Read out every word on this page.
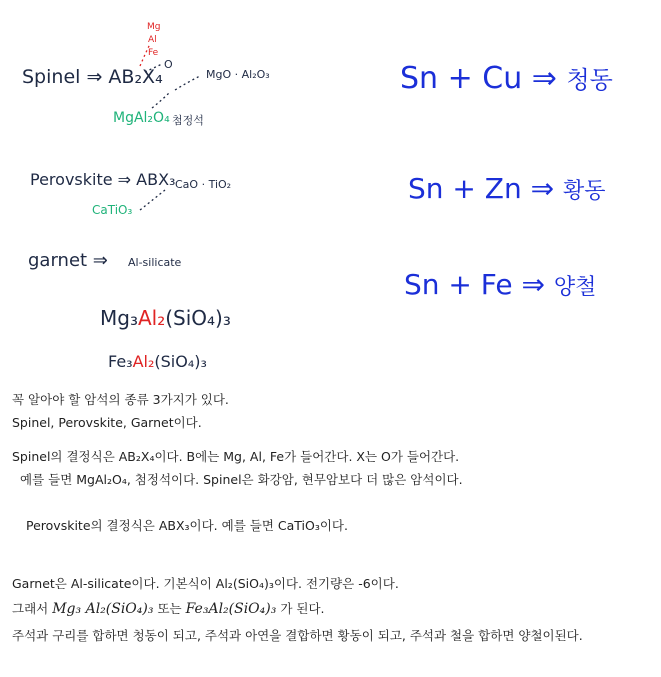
Spinel ⇒ AB₂X₄
Mg
Al
Fe
O
MgO · Al₂O₃
MgAl₂O₄ 첨정석
Perovskite ⇒ ABX₃ CaO · TiO₂
CaTiO₃
garnet ⇒ Al-silicate
Mg₃Al₂(SiO₄)₃
Fe₃Al₂(SiO₄)₃
Sn + Cu ⇒ 청동
Sn + Zn ⇒ 황동
Sn + Fe ⇒ 양철
꼭 알아야 할 암석의 종류 3가지가 있다.
Spinel, Perovskite, Garnet이다.
Spinel의 결정식은 AB₂X₄이다. B에는 Mg, Al, Fe가 들어간다. X는 O가 들어간다.
예를 들면 MgAl₂O₄, 첨정석이다. Spinel은 화강암, 현무암보다 더 많은 암석이다.
Perovskite의 결정식은 ABX₃이다. 예를 들면 CaTiO₃이다.
Garnet은 Al-silicate이다. 기본식이 Al₂(SiO₄)₃이다. 전기량은 -6이다.
그래서 Mg₃ Al₂(SiO₄)₃ 또는 Fe₃Al₂(SiO₄)₃ 가 된다.
주석과 구리를 합하면 청동이 되고, 주석과 아연을 결합하면 황동이 되고, 주석과 철을 합하면 양철이된다.
